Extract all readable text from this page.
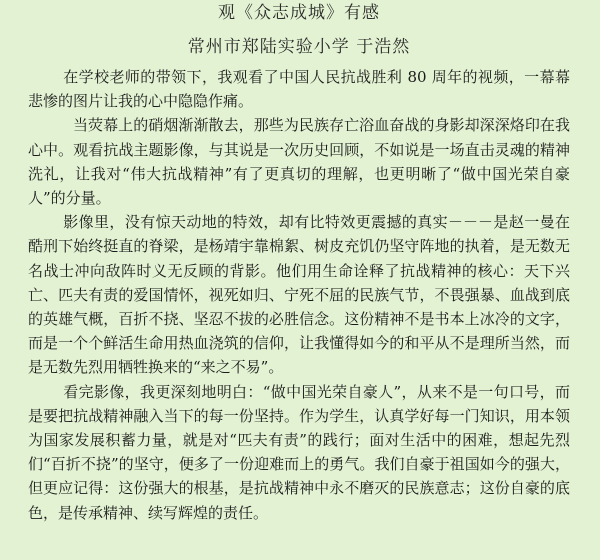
观《众志成城》有感
常州市郑陆实验小学 于浩然

在学校老师的带领下，我观看了中国人民抗战胜利 80 周年的视频，一幕幕悲惨的图片让我的心中隐隐作痛。

当荧幕上的硝烟渐渐散去，那些为民族存亡浴血奋战的身影却深深烙印在我心中。观看抗战主题影像，与其说是一次历史回顾，不如说是一场直击灵魂的精神洗礼，让我对“伟大抗战精神”有了更真切的理解，也更明晰了“做中国光荣自豪人”的分量。

影像里，没有惊天动地的特效，却有比特效更震撼的真实－－－是赵一曼在酷刑下始终挺直的脊梁，是杨靖宇靠棉絮、树皮充饥仍坚守阵地的执着，是无数无名战士冲向敌阵时义无反顾的背影。他们用生命诠释了抗战精神的核心：天下兴亡、匹夫有责的爱国情怀，视死如归、宁死不屈的民族气节，不畏强暴、血战到底的英雄气概，百折不挠、坚忍不拔的必胜信念。这份精神不是书本上冰冷的文字，而是一个个鲜活生命用热血浇筑的信仰，让我懂得如今的和平从不是理所当然，而是无数先烈用牺牲换来的“来之不易”。

看完影像，我更深刻地明白：“做中国光荣自豪人”，从来不是一句口号，而是要把抗战精神融入当下的每一份坚持。作为学生，认真学好每一门知识，用本领为国家发展积蓄力量，就是对“匹夫有责”的践行；面对生活中的困难，想起先烈们“百折不挠”的坚守，便多了一份迎难而上的勇气。我们自豪于祖国如今的强大，但更应记得：这份强大的根基，是抗战精神中永不磨灭的民族意志；这份自豪的底色，是传承精神、续写辉煌的责任。
